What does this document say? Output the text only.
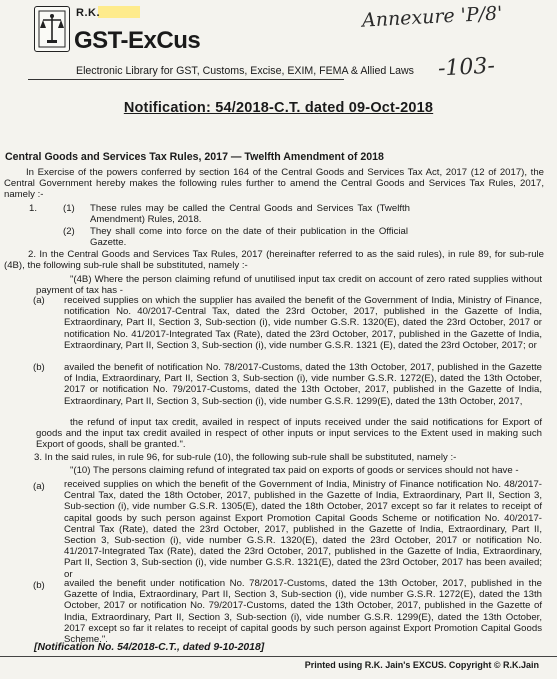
R.K.
GST-ExCus
Electronic Library for GST, Customs, Excise, EXIM, FEMA & Allied Laws
Annexure 'P/8'
-103-
Notification: 54/2018-C.T. dated 09-Oct-2018
Central Goods and Services Tax Rules, 2017 — Twelfth Amendment of 2018
In Exercise of the powers conferred by section 164 of the Central Goods and Services Tax Act, 2017 (12 of 2017), the Central Government hereby makes the following rules further to amend the Central Goods and Services Tax Rules, 2017, namely :-
1.	(1) These rules may be called the Central Goods and Services Tax (Twelfth Amendment) Rules, 2018.
(2) They shall come into force on the date of their publication in the Official Gazette.
2. In the Central Goods and Services Tax Rules, 2017 (hereinafter referred to as the said rules), in rule 89, for sub-rule (4B), the following sub-rule shall be substituted, namely :-
"(4B) Where the person claiming refund of unutilised input tax credit on account of zero rated supplies without payment of tax has -
(a) received supplies on which the supplier has availed the benefit of the Government of India, Ministry of Finance, notification No. 40/2017-Central Tax, dated the 23rd October, 2017, published in the Gazette of India, Extraordinary, Part II, Section 3, Sub-section (i), vide number G.S.R. 1320(E), dated the 23rd October, 2017 or notification No. 41/2017-Integrated Tax (Rate), dated the 23rd October, 2017, published in the Gazette of India, Extraordinary, Part II, Section 3, Sub-section (i), vide number G.S.R. 1321 (E), dated the 23rd October, 2017; or
(b) availed the benefit of notification No. 78/2017-Customs, dated the 13th October, 2017, published in the Gazette of India, Extraordinary, Part II, Section 3, Sub-section (i), vide number G.S.R. 1272(E), dated the 13th October, 2017 or notification No. 79/2017-Customs, dated the 13th October, 2017, published in the Gazette of India, Extraordinary, Part II, Section 3, Sub-section (i), vide number G.S.R. 1299(E), dated the 13th October, 2017,
the refund of input tax credit, availed in respect of inputs received under the said notifications for Export of goods and the input tax credit availed in respect of other inputs or input services to the Extent used in making such Export of goods, shall be granted.".
3. In the said rules, in rule 96, for sub-rule (10), the following sub-rule shall be substituted, namely :-
"(10) The persons claiming refund of integrated tax paid on exports of goods or services should not have -
(a) received supplies on which the benefit of the Government of India, Ministry of Finance notification No. 48/2017-Central Tax, dated the 18th October, 2017, published in the Gazette of India, Extraordinary, Part II, Section 3, Sub-section (i), vide number G.S.R. 1305(E), dated the 18th October, 2017 except so far it relates to receipt of capital goods by such person against Export Promotion Capital Goods Scheme or notification No. 40/2017-Central Tax (Rate), dated the 23rd October, 2017, published in the Gazette of India, Extraordinary, Part II, Section 3, Sub-section (i), vide number G.S.R. 1320(E), dated the 23rd October, 2017 or notification No. 41/2017-Integrated Tax (Rate), dated the 23rd October, 2017, published in the Gazette of India, Extraordinary, Part II, Section 3, Sub-section (i), vide number G.S.R. 1321(E), dated the 23rd October, 2017 has been availed; or
(b) availed the benefit under notification No. 78/2017-Customs, dated the 13th October, 2017, published in the Gazette of India, Extraordinary, Part II, Section 3, Sub-section (i), vide number G.S.R. 1272(E), dated the 13th October, 2017 or notification No. 79/2017-Customs, dated the 13th October, 2017, published in the Gazette of India, Extraordinary, Part II, Section 3, Sub-section (i), vide number G.S.R. 1299(E), dated the 13th October, 2017 except so far it relates to receipt of capital goods by such person against Export Promotion Capital Goods Scheme.".
[Notification No. 54/2018-C.T., dated 9-10-2018]
Printed using R.K. Jain's EXCUS. Copyright © R.K.Jain
